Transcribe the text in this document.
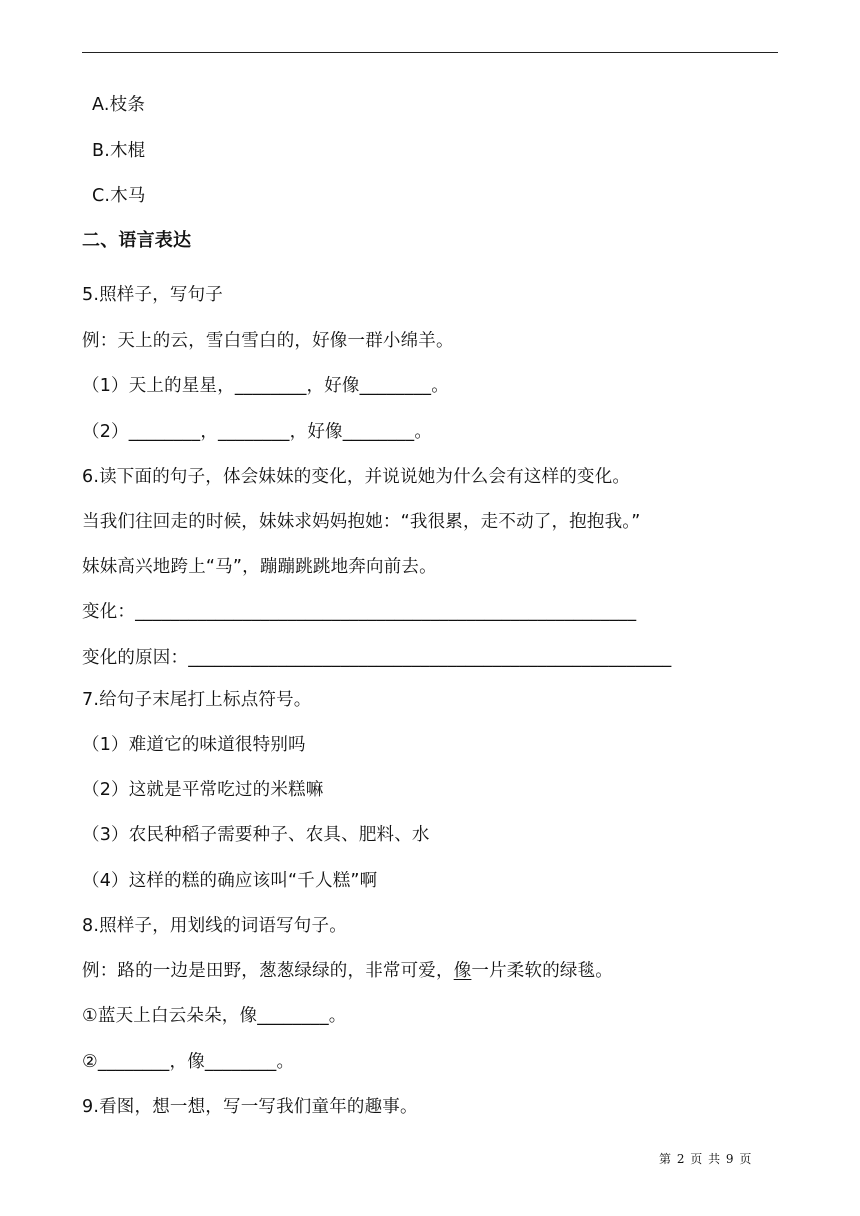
A.枝条
B.木棍
C.木马
二、语言表达
5.照样子，写句子
例：天上的云，雪白雪白的，好像一群小绵羊。
（1）天上的星星，________，好像________。
（2）________，________，好像________。
6.读下面的句子，体会妹妹的变化，并说说她为什么会有这样的变化。
当我们往回走的时候，妹妹求妈妈抱她：“我很累，走不动了，抱抱我。”
妹妹高兴地跨上“马”，蹦蹦跳跳地奔向前去。
变化：________________________________________________________
变化的原因：______________________________________________________
7.给句子末尾打上标点符号。
（1）难道它的味道很特别吗
（2）这就是平常吃过的米糕嘛
（3）农民种稻子需要种子、农具、肥料、水
（4）这样的糕的确应该叫“千人糕”啊
8.照样子，用划线的词语写句子。
例：路的一边是田野，葱葱绿绿的，非常可爱，像一片柔软的绿毯。
①蓝天上白云朵朵，像________。
②________，像________。
9.看图，想一想，写一写我们童年的趣事。
第 2 页 共 9 页
